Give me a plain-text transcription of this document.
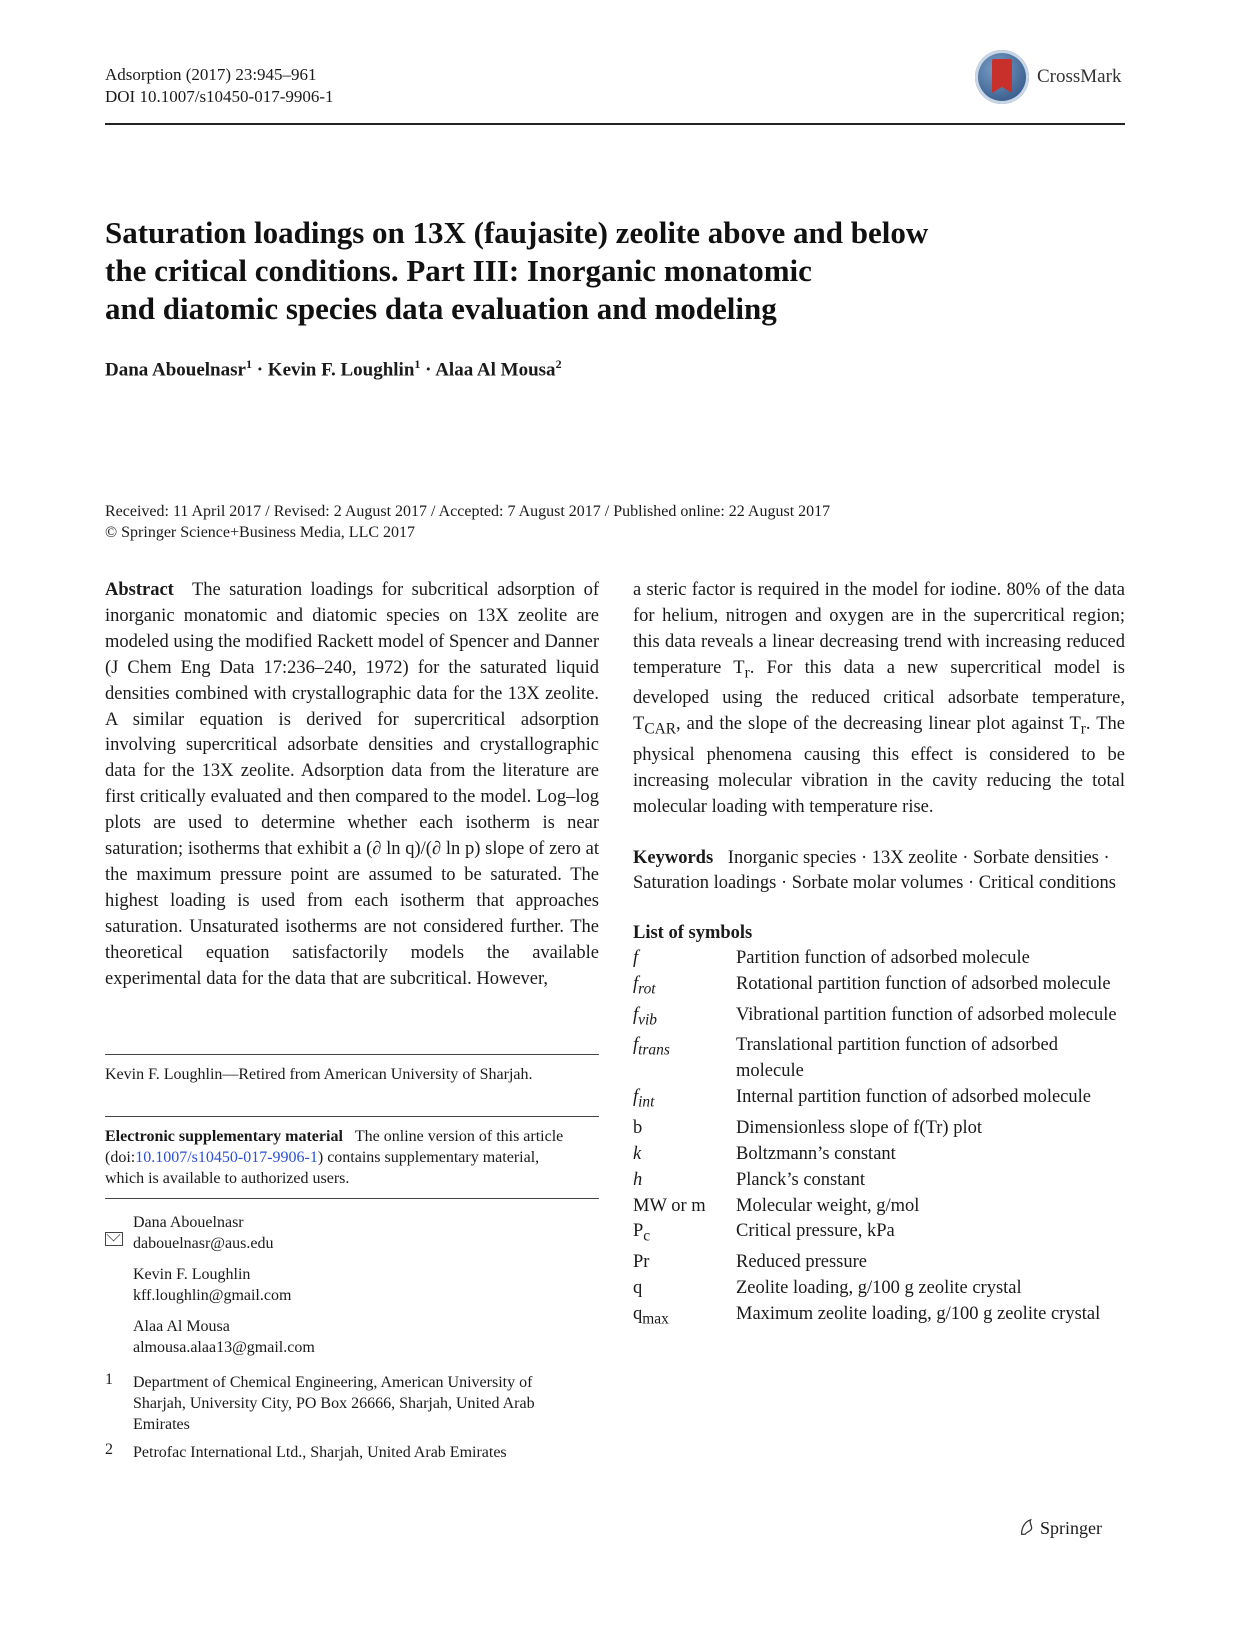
Adsorption (2017) 23:945–961
DOI 10.1007/s10450-017-9906-1
CrossMark
Saturation loadings on 13X (faujasite) zeolite above and below
the critical conditions. Part III: Inorganic monatomic
and diatomic species data evaluation and modeling
Dana Abouelnasr$^1$ · Kevin F. Loughlin$^1$ · Alaa Al Mousa$^2$
Received: 11 April 2017 / Revised: 2 August 2017 / Accepted: 7 August 2017 / Published online: 22 August 2017
© Springer Science+Business Media, LLC 2017

Abstract The saturation loadings for subcritical adsorption of inorganic monatomic and diatomic species on 13X zeolite are modeled using the modified Rackett model of Spencer and Danner (J Chem Eng Data 17:236–240, 1972) for the saturated liquid densities combined with crystallographic data for the 13X zeolite. A similar equation is derived for supercritical adsorption involving supercritical adsorbate densities and crystallographic data for the 13X zeolite. Adsorption data from the literature are first critically evaluated and then compared to the model. Log–log plots are used to determine whether each isotherm is near saturation; isotherms that exhibit a (∂ ln q)/(∂ ln p) slope of zero at the maximum pressure point are assumed to be saturated. The highest loading is used from each isotherm that approaches saturation. Unsaturated isotherms are not considered further. The theoretical equation satisfactorily models the available experimental data for the data that are subcritical. However,

Kevin F. Loughlin—Retired from American University of Sharjah.
Electronic supplementary material The online version of this article (doi:10.1007/s10450-017-9906-1) contains supplementary material, which is available to authorized users.
Dana Abouelnasr
dabouelnasr@aus.edu
Kevin F. Loughlin
kff.loughlin@gmail.com
Alaa Al Mousa
almousa.alaa13@gmail.com
1 Department of Chemical Engineering, American University of Sharjah, University City, PO Box 26666, Sharjah, United Arab Emirates
2 Petrofac International Ltd., Sharjah, United Arab Emirates

a steric factor is required in the model for iodine. 80% of the data for helium, nitrogen and oxygen are in the supercritical region; this data reveals a linear decreasing trend with increasing reduced temperature $T_r$. For this data a new supercritical model is developed using the reduced critical adsorbate temperature, $T_{CAR}$, and the slope of the decreasing linear plot against $T_r$. The physical phenomena causing this effect is considered to be increasing molecular vibration in the cavity reducing the total molecular loading with temperature rise.

Keywords Inorganic species · 13X zeolite · Sorbate densities · Saturation loadings · Sorbate molar volumes · Critical conditions

List of symbols
f	Partition function of adsorbed molecule
$f_{rot}$	Rotational partition function of adsorbed molecule
$f_{vib}$	Vibrational partition function of adsorbed molecule
$f_{trans}$	Translational partition function of adsorbed molecule
$f_{int}$	Internal partition function of adsorbed molecule
b	Dimensionless slope of f(Tr) plot
k	Boltzmann’s constant
h	Planck’s constant
MW or m	Molecular weight, g/mol
$P_c$	Critical pressure, kPa
Pr	Reduced pressure
q	Zeolite loading, g/100 g zeolite crystal
$q_{max}$	Maximum zeolite loading, g/100 g zeolite crystal
Springer
